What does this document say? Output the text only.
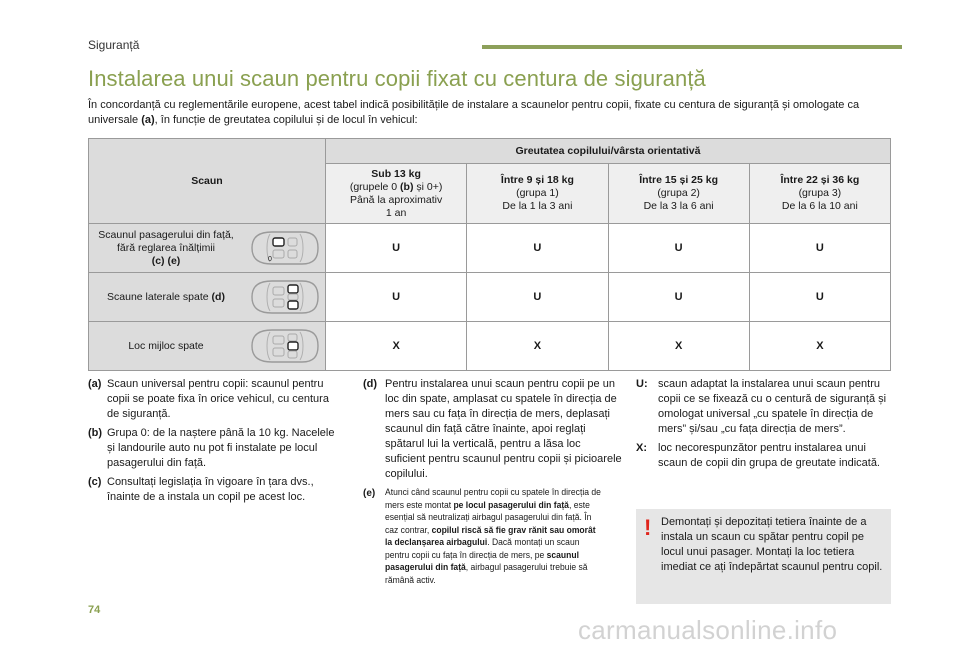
Siguranță
Instalarea unui scaun pentru copii fixat cu centura de siguranță
În concordanță cu reglementările europene, acest tabel indică posibilitățile de instalare a scaunelor pentru copii, fixate cu centura de siguranță și omologate ca universale (a), în funcție de greutatea copilului și de locul în vehicul:
Scaun	Greutatea copilului/vârsta orientativă			
	Sub 13 kg
(grupele 0 (b) și 0+)
Până la aproximativ
1 an	Între 9 și 18 kg
(grupa 1)
De la 1 la 3 ani	Între 15 și 25 kg
(grupa 2)
De la 3 la 6 ani	Între 22 și 36 kg
(grupa 3)
De la 6 la 10 ani

Scaunul pasagerului din față, fără reglarea înălțimii
(c) (e) 0	U	U	U	U

Scaune laterale spate (d)	U	U	U	U

Loc mijloc spate	X	X	X	X
(a) Scaun universal pentru copii: scaunul pentru copii se poate fixa în orice vehicul, cu centura de siguranță.
(b) Grupa 0: de la naștere până la 10 kg. Nacelele și landourile auto nu pot fi instalate pe locul pasagerului din față.
(c) Consultați legislația în vigoare în țara dvs., înainte de a instala un copil pe acest loc.
(d) Pentru instalarea unui scaun pentru copii pe un loc din spate, amplasat cu spatele în direcția de mers sau cu fața în direcția de mers, deplasați scaunul din față către înainte, apoi reglați spătarul lui la verticală, pentru a lăsa loc suficient pentru scaunul pentru copii și picioarele copilului.
(e)	Atunci când scaunul pentru copii cu spatele în direcția de mers este montat pe locul pasagerului din față, este esențial să neutralizați airbagul pasagerului din față. În caz contrar, copilul riscă să fie grav rănit sau omorât la declanșarea airbagului. Dacă montați un scaun pentru copii cu fața în direcția de mers, pe scaunul pasagerului din față, airbagul pasagerului trebuie să rămână activ.
U: scaun adaptat la instalarea unui scaun pentru copii ce se fixează cu o centură de siguranță și omologat universal „cu spatele în direcția de mers” și/sau „cu fața direcția de mers”.
X:	loc necorespunzător pentru instalarea unui scaun de copii din grupa de greutate indicată.
! Demontați și depozitați tetiera înainte de a instala un scaun cu spătar pentru copil pe locul unui pasager. Montați la loc tetiera imediat ce ați îndepărtat scaunul pentru copil.
74
carmanualsonline.info
